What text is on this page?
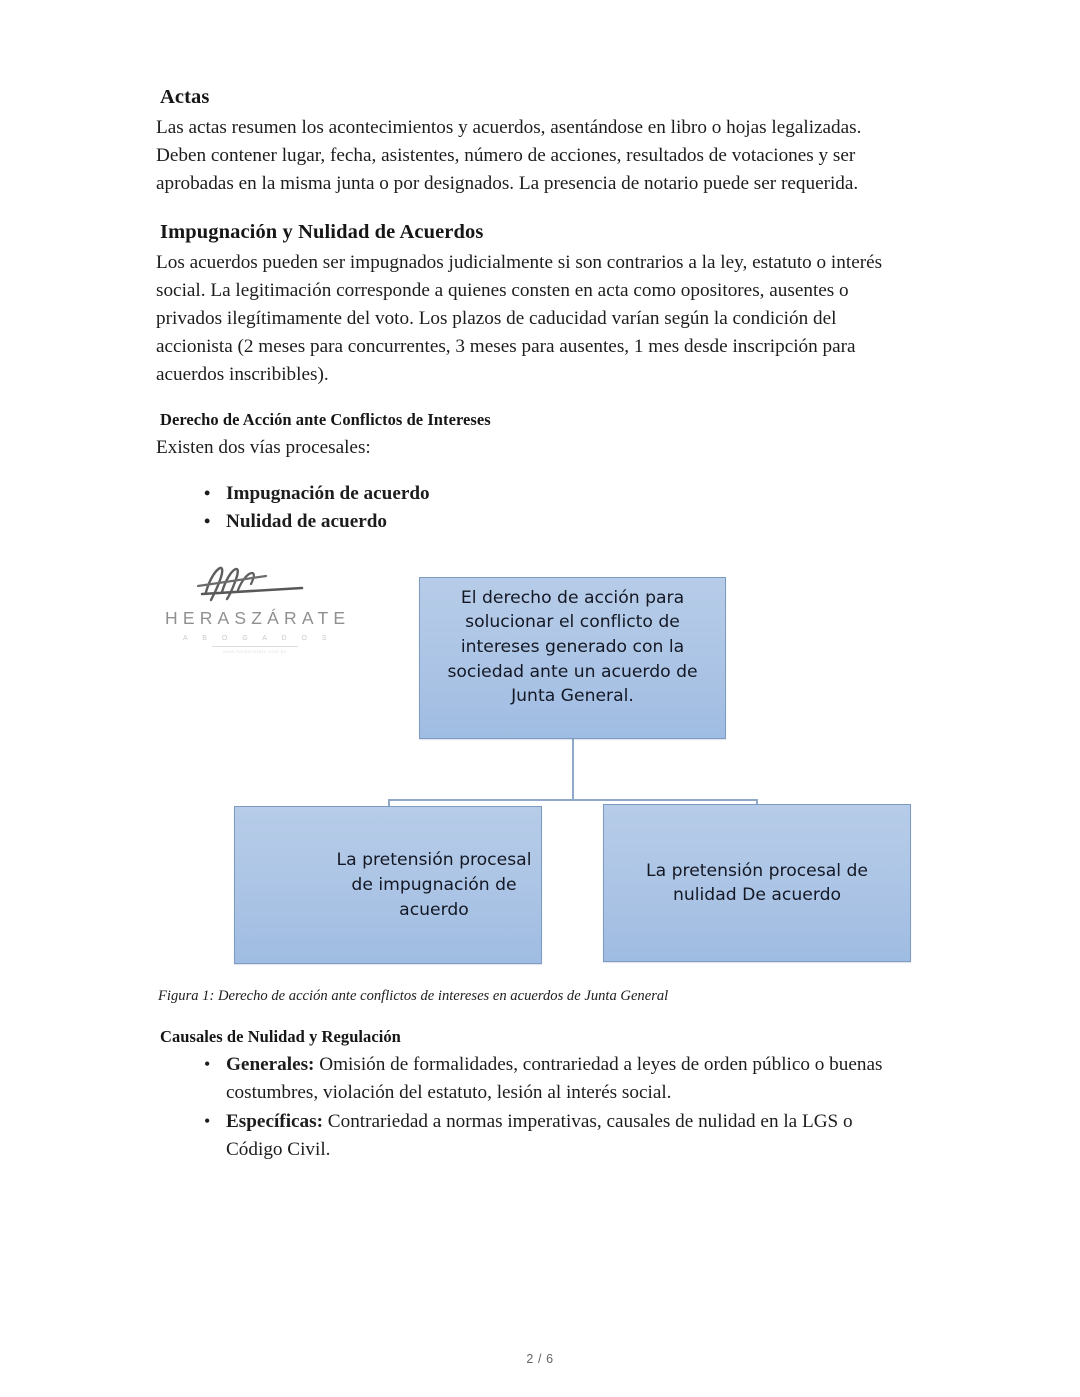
Actas

Las actas resumen los acontecimientos y acuerdos, asentándose en libro o hojas legalizadas. Deben contener lugar, fecha, asistentes, número de acciones, resultados de votaciones y ser aprobadas en la misma junta o por designados. La presencia de notario puede ser requerida.

Impugnación y Nulidad de Acuerdos

Los acuerdos pueden ser impugnados judicialmente si son contrarios a la ley, estatuto o interés social. La legitimación corresponde a quienes consten en acta como opositores, ausentes o privados ilegítimamente del voto. Los plazos de caducidad varían según la condición del accionista (2 meses para concurrentes, 3 meses para ausentes, 1 mes desde inscripción para acuerdos inscribibles).

Derecho de Acción ante Conflictos de Intereses

Existen dos vías procesales:

• Impugnación de acuerdo
• Nulidad de acuerdo
HERASZÁRATE
A B O G A D O S
www.heraszarate.com.pe
El derecho de acción para solucionar el conflicto de intereses generado con la sociedad ante un acuerdo de Junta General.
La pretensión procesal de impugnación de acuerdo
La pretensión procesal de nulidad De acuerdo

Figura 1: Derecho de acción ante conflictos de intereses en acuerdos de Junta General

Causales de Nulidad y Regulación
• Generales: Omisión de formalidades, contrariedad a leyes de orden público o buenas costumbres, violación del estatuto, lesión al interés social.
• Específicas: Contrariedad a normas imperativas, causales de nulidad en la LGS o Código Civil.
2 / 6
